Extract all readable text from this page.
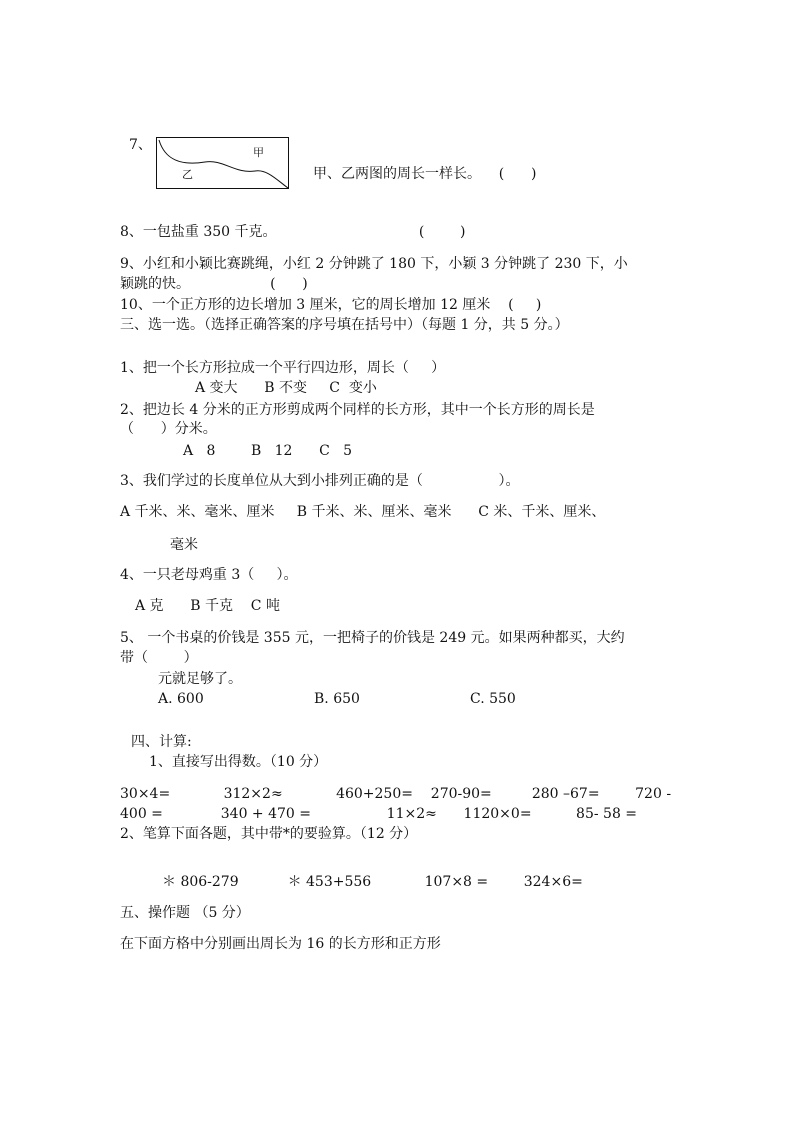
7、	甲
乙	甲、乙两图的周长一样长。    (      )
8、一包盐重 350 千克。                                (        )
9、小红和小颖比赛跳绳，小红 2 分钟跳了 180 下，小颖 3 分钟跳了 230 下，小
颖跳的快。                  (      )
10、一个正方形的边长增加 3 厘米，它的周长增加 12 厘米    (     )
三、选一选。（选择正确答案的序号填在括号中）（每题 1 分，共 5 分。）
1、把一个长方形拉成一个平行四边形，周长（     ）
A 变大      B 不变     C  变小
2、把边长 4 分米的正方形剪成两个同样的长方形，其中一个长方形的周长是
（      ）分米。
A   8        B   12      C   5
3、我们学过的长度单位从大到小排列正确的是（                 ）。
A 千米、米、毫米、厘米     B 千米、米、厘米、毫米      C 米、千米、厘米、
毫米
4、一只老母鸡重 3（     ）。
A 克      B 千克    C 吨
5、 一个书桌的价钱是 355 元，一把椅子的价钱是 249 元。如果两种都买，大约
带（        ）
元就足够了。
A. 600	B. 650	C. 550
四、计算:
1、直接写出得数。（10 分）
30×4=            312×2≈            460+250=    270-90=         280 –67=        720 -
400 =             340 + 470 =                 11×2≈      1120×0=          85- 58 =
2、笔算下面各题，其中带*的要验算。（12 分）
＊ 806-279           ＊ 453+556            107×8 =        324×6=
五、操作题 （5 分）
在下面方格中分别画出周长为 16 的长方形和正方形
